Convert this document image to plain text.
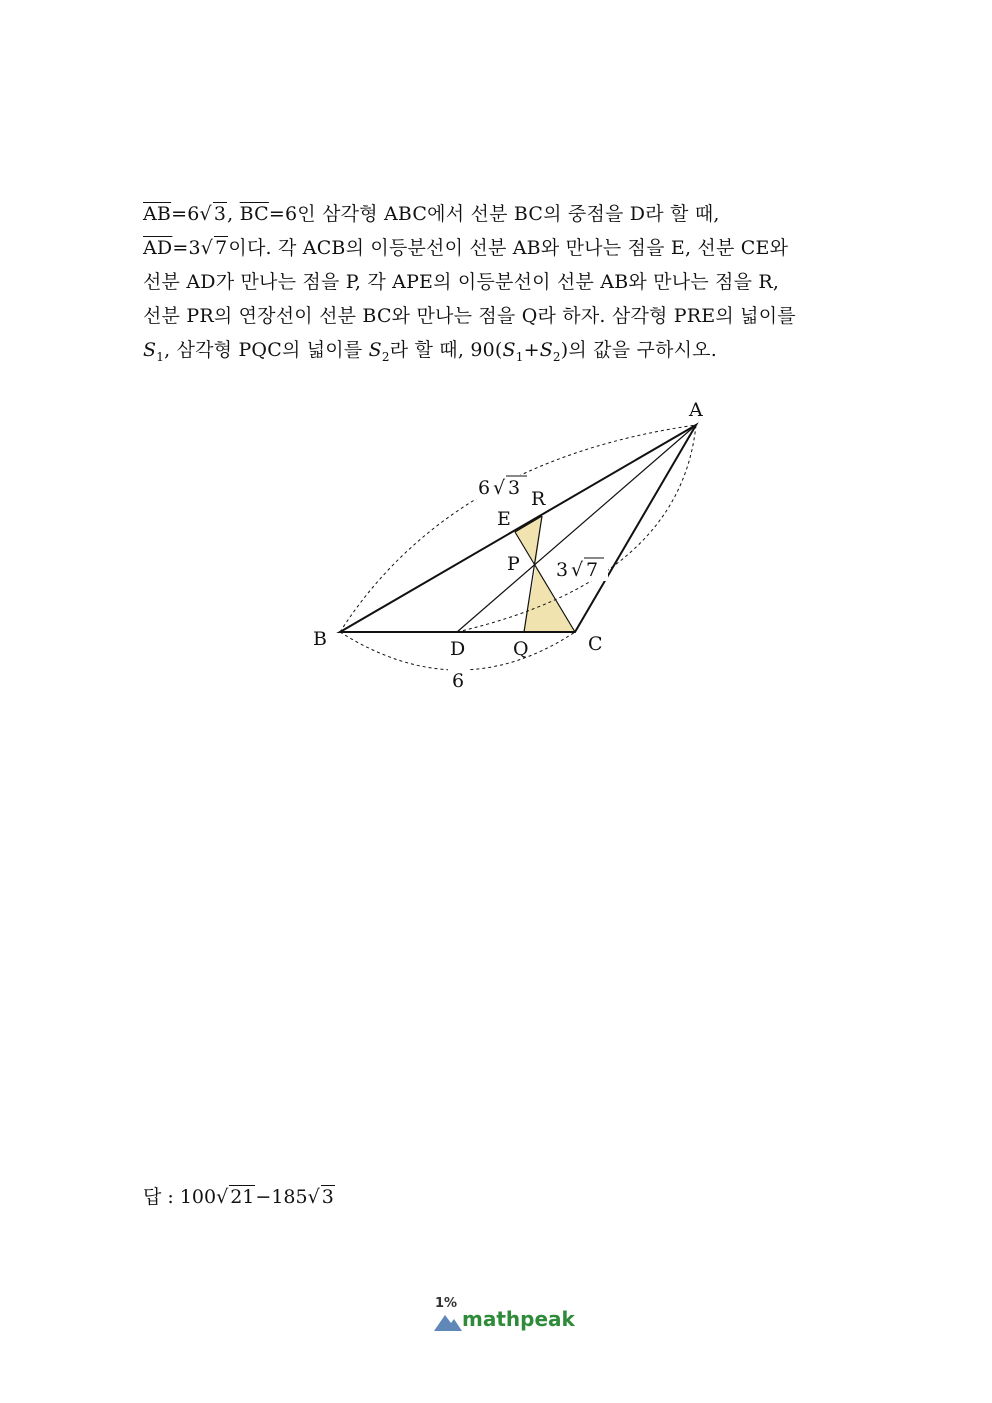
$\overline{AB}=6√$ 3, $\overline{BC}=6$인 삼각형 ABC에서 선분 BC의 중점을 D라 할 때,
$\overline{AD}=3√$ 7이다. 각 ACB의 이등분선이 선분 AB와 만나는 점을 E, 선분 CE와
선분 AD가 만나는 점을 P, 각 APE의 이등분선이 선분 AB와 만나는 점을 R,
선분 PR의 연장선이 선분 BC와 만나는 점을 Q라 하자. 삼각형 PRE의 넓이를
$S_1$, 삼각형 PQC의 넓이를 $S_2$라 할 때, $90(S_1+S_2)$의 값을 구하시오.
6 √ 3
3 √ 7
6
A
B	C
D	Q
E
R
P
답 : 100√ 21−185√ 3
1%
mathpeak
